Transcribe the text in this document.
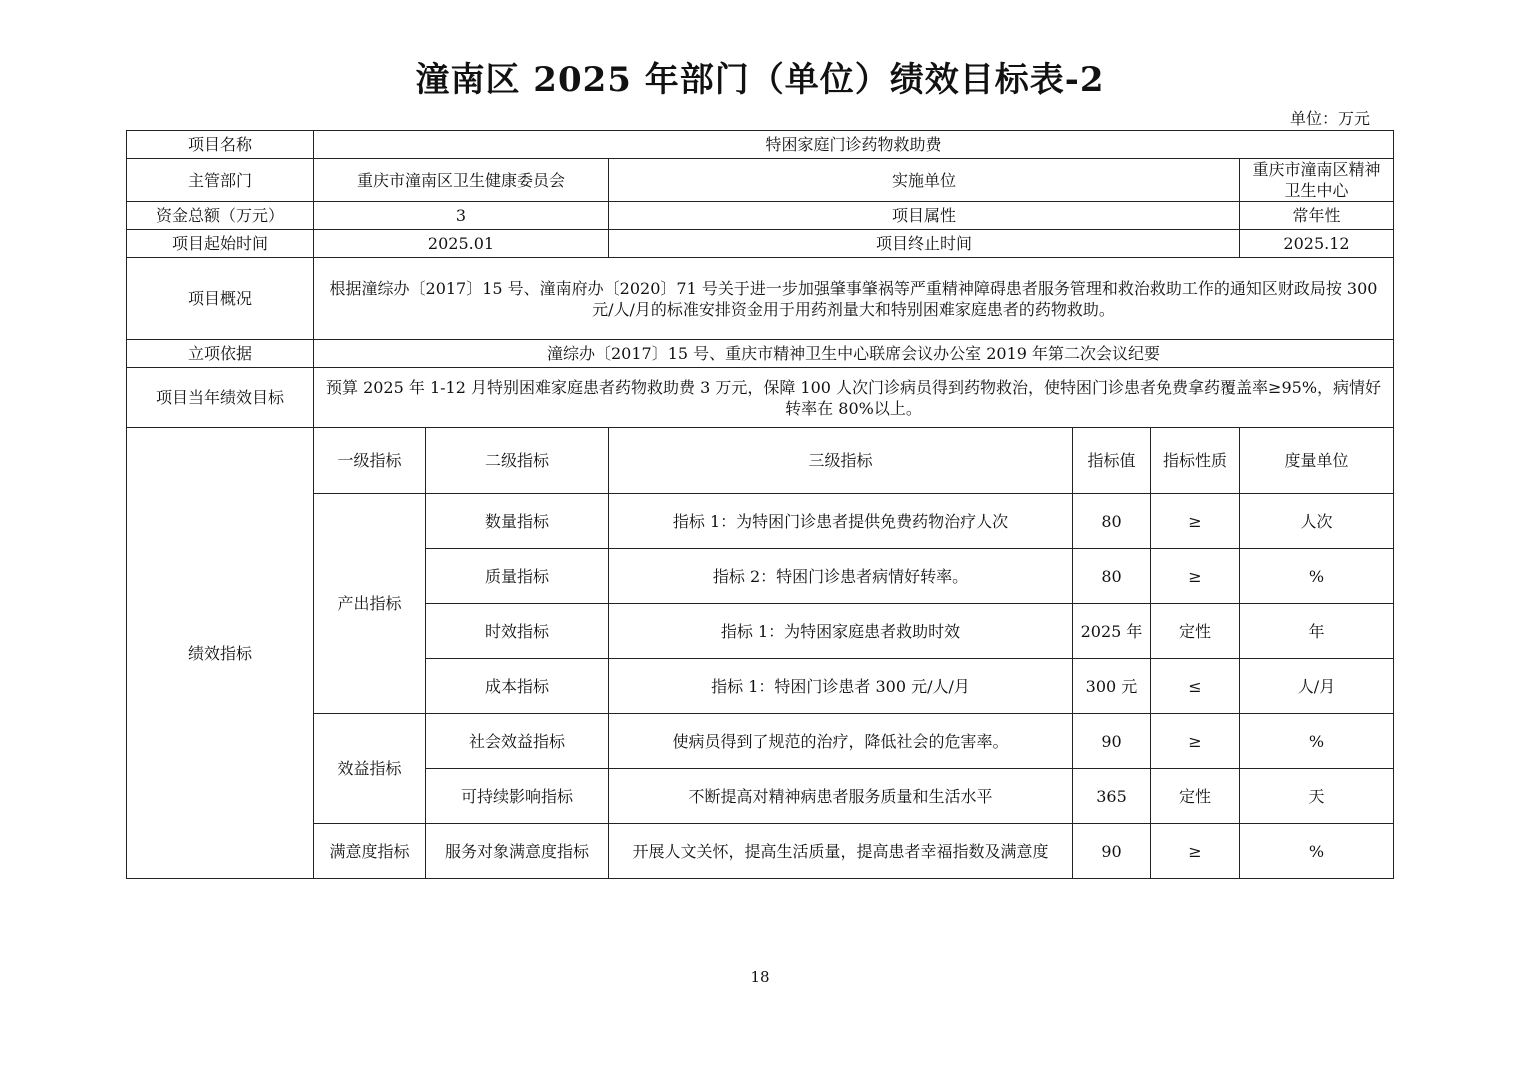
潼南区 2025 年部门（单位）绩效目标表-2
单位：万元
项目名称	特困家庭门诊药物救助费					
主管部门	重庆市潼南区卫生健康委员会		实施单位			重庆市潼南区精神卫生中心
资金总额（万元）	3		项目属性			常年性
项目起始时间	2025.01		项目终止时间			2025.12
项目概况	根据潼综办〔2017〕15 号、潼南府办〔2020〕71 号关于进一步加强肇事肇祸等严重精神障碍患者服务管理和救治救助工作的通知区财政局按 300 元/人/月的标准安排资金用于用药剂量大和特别困难家庭患者的药物救助。					
立项依据	潼综办〔2017〕15 号、重庆市精神卫生中心联席会议办公室 2019 年第二次会议纪要					
项目当年绩效目标	预算 2025 年 1-12 月特别困难家庭患者药物救助费 3 万元，保障 100 人次门诊病员得到药物救治，使特困门诊患者免费拿药覆盖率≥95%，病情好转率在 80%以上。					
绩效指标	一级指标	二级指标	三级指标	指标值	指标性质	度量单位
	产出指标	数量指标	指标 1：为特困门诊患者提供免费药物治疗人次	80	≥	人次
		质量指标	指标 2：特困门诊患者病情好转率。	80	≥	%
		时效指标	指标 1：为特困家庭患者救助时效	2025 年	定性	年
		成本指标	指标 1：特困门诊患者 300 元/人/月	300 元	≤	人/月
	效益指标	社会效益指标	使病员得到了规范的治疗，降低社会的危害率。	90	≥	%
		可持续影响指标	不断提高对精神病患者服务质量和生活水平	365	定性	天
	满意度指标	服务对象满意度指标	开展人文关怀，提高生活质量，提高患者幸福指数及满意度	90	≥	%
18
